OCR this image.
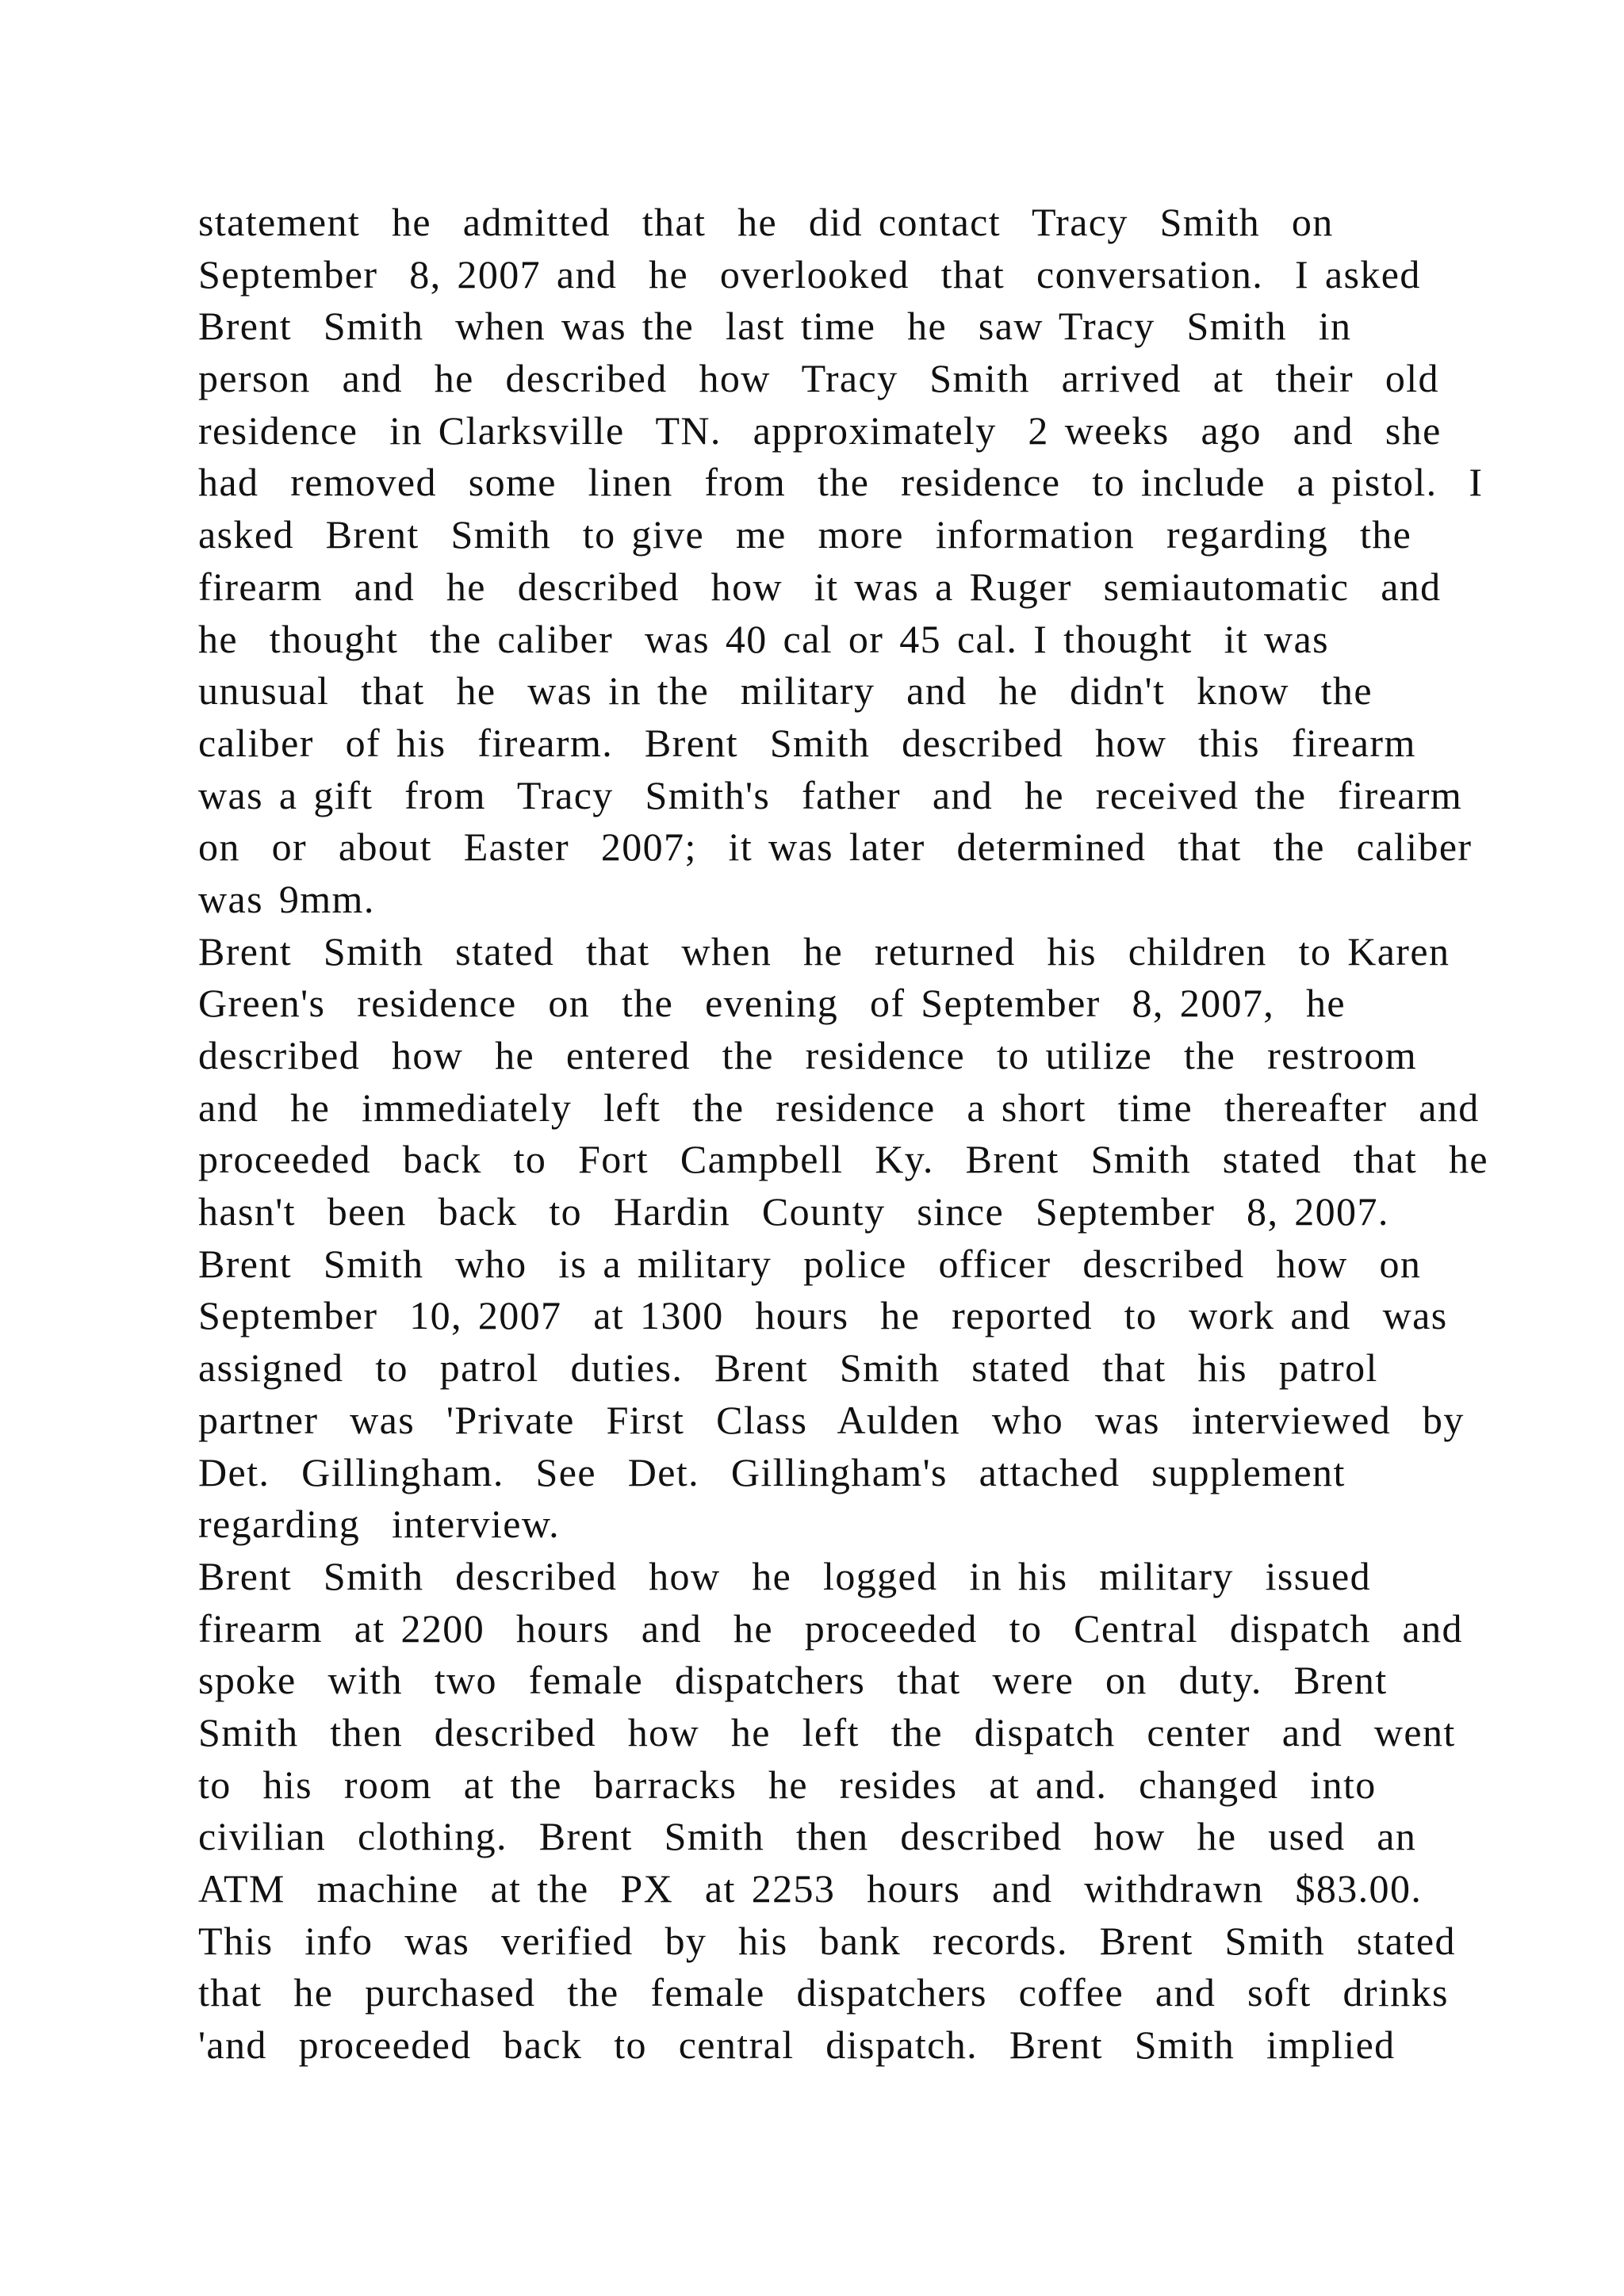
statement  he  admitted  that  he  did contact  Tracy  Smith  on
September  8, 2007 and  he  overlooked  that  conversation.  I asked
Brent  Smith  when was the  last time  he  saw Tracy  Smith  in
person  and  he  described  how  Tracy  Smith  arrived  at  their  old
residence  in Clarksville  TN.  approximately  2 weeks  ago  and  she
had  removed  some  linen  from  the  residence  to include  a pistol.  I
asked  Brent  Smith  to give  me  more  information  regarding  the
firearm  and  he  described  how  it was a Ruger  semiautomatic  and
he  thought  the caliber  was 40 cal or 45 cal. I thought  it was
unusual  that  he  was in the  military  and  he  didn't  know  the
caliber  of his  firearm.  Brent  Smith  described  how  this  firearm
was a gift  from  Tracy  Smith's  father  and  he  received the  firearm
on  or  about  Easter  2007;  it was later  determined  that  the  caliber
was 9mm.
Brent  Smith  stated  that  when  he  returned  his  children  to Karen
Green's  residence  on  the  evening  of September  8, 2007,  he
described  how  he  entered  the  residence  to utilize  the  restroom
and  he  immediately  left  the  residence  a short  time  thereafter  and
proceeded  back  to  Fort  Campbell  Ky.  Brent  Smith  stated  that  he
hasn't  been  back  to  Hardin  County  since  September  8, 2007.
Brent  Smith  who  is a military  police  officer  described  how  on
September  10, 2007  at 1300  hours  he  reported  to  work and  was
assigned  to  patrol  duties.  Brent  Smith  stated  that  his  patrol
partner  was  'Private  First  Class  Aulden  who  was  interviewed  by
Det.  Gillingham.  See  Det.  Gillingham's  attached  supplement
regarding  interview.
Brent  Smith  described  how  he  logged  in his  military  issued
firearm  at 2200  hours  and  he  proceeded  to  Central  dispatch  and
spoke  with  two  female  dispatchers  that  were  on  duty.  Brent
Smith  then  described  how  he  left  the  dispatch  center  and  went
to  his  room  at the  barracks  he  resides  at and.  changed  into
civilian  clothing.  Brent  Smith  then  described  how  he  used  an
ATM  machine  at the  PX  at 2253  hours  and  withdrawn  $83.00.
This  info  was  verified  by  his  bank  records.  Brent  Smith  stated
that  he  purchased  the  female  dispatchers  coffee  and  soft  drinks
'and  proceeded  back  to  central  dispatch.  Brent  Smith  implied
